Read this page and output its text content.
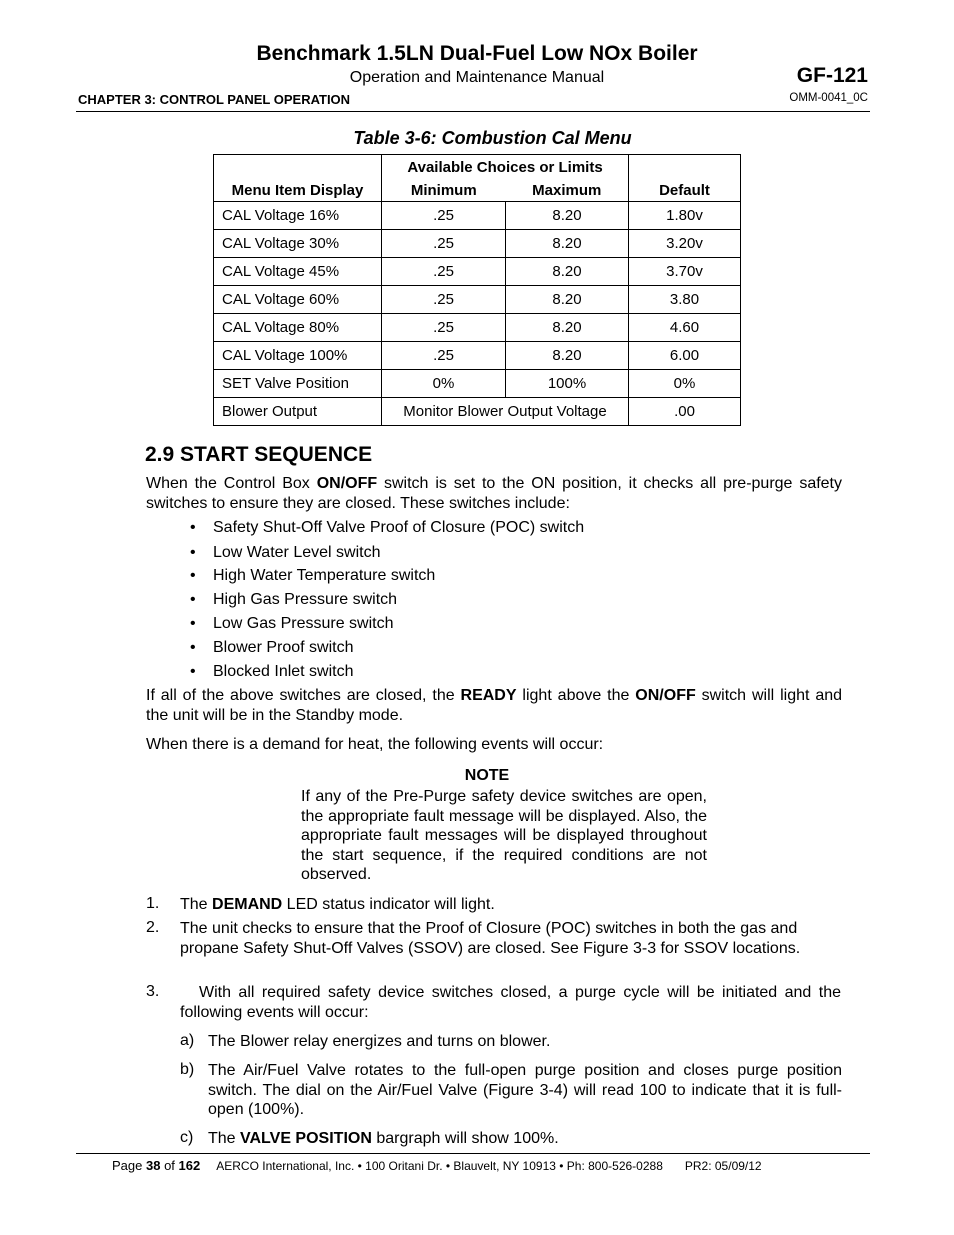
Benchmark 1.5LN Dual-Fuel Low NOx Boiler
Operation and Maintenance Manual	GF-121
CHAPTER 3: CONTROL PANEL OPERATION	OMM-0041_0C
Table 3-6: Combustion Cal Menu
Menu Item Display	Available Choices or Limits		Default
	Minimum	Maximum	
CAL Voltage 16%	.25	8.20	1.80v
CAL Voltage 30%	.25	8.20	3.20v
CAL Voltage 45%	.25	8.20	3.70v
CAL Voltage 60%	.25	8.20	3.80
CAL Voltage 80%	.25	8.20	4.60
CAL Voltage 100%	.25	8.20	6.00
SET Valve Position	0%	100%	0%
Blower Output	Monitor Blower Output Voltage		.00
2.9 START SEQUENCE
When the Control Box ON/OFF switch is set to the ON position, it checks all pre-purge safety switches to ensure they are closed. These switches include:
• Safety Shut-Off Valve Proof of Closure (POC) switch
• Low Water Level switch
• High Water Temperature switch
• High Gas Pressure switch
• Low Gas Pressure switch
• Blower Proof switch
• Blocked Inlet switch
If all of the above switches are closed, the READY light above the ON/OFF switch will light and the unit will be in the Standby mode.
When there is a demand for heat, the following events will occur:
NOTE
If any of the Pre-Purge safety device switches are open, the appropriate fault message will be displayed. Also, the appropriate fault messages will be displayed throughout the start sequence, if the required conditions are not observed.
1. The DEMAND LED status indicator will light.
2. The unit checks to ensure that the Proof of Closure (POC) switches in both the gas and propane Safety Shut-Off Valves (SSOV) are closed. See Figure 3-3 for SSOV locations.
3.	With all required safety device switches closed, a purge cycle will be initiated and the following events will occur:
a) The Blower relay energizes and turns on blower.
b) The Air/Fuel Valve rotates to the full-open purge position and closes purge position switch. The dial on the Air/Fuel Valve (Figure 3-4) will read 100 to indicate that it is full-open (100%).
c) The VALVE POSITION bargraph will show 100%.
Page 38 of 162 AERCO International, Inc. • 100 Oritani Dr. • Blauvelt, NY 10913 • Ph: 800-526-0288 PR2: 05/09/12
